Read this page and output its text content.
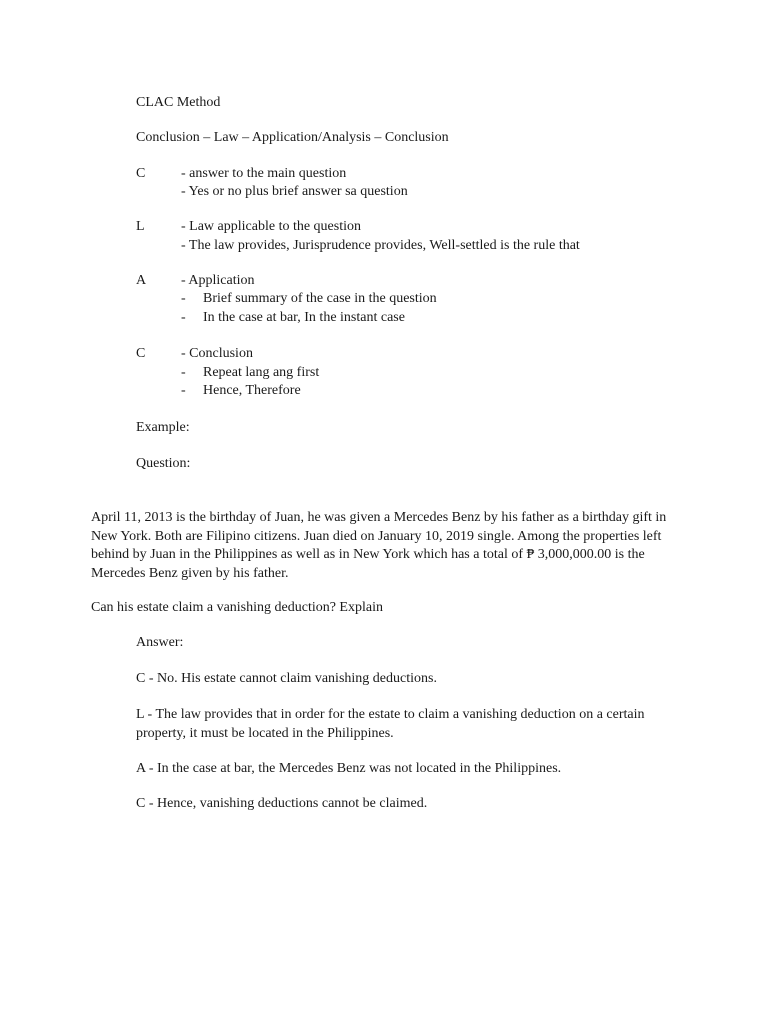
CLAC Method
Conclusion – Law – Application/Analysis – Conclusion
C	- answer to the main question
- Yes or no plus brief answer sa question
L	- Law applicable to the question
- The law provides, Jurisprudence provides, Well-settled is the rule that
A - Application
- Brief summary of the case in the question
- In the case at bar, In the instant case
C	- Conclusion
- Repeat lang ang first
- Hence, Therefore
Example:
Question:
April 11, 2013 is the birthday of Juan, he was given a Mercedes Benz by his father as a birthday gift in New York. Both are Filipino citizens. Juan died on January 10, 2019 single. Among the properties left behind by Juan in the Philippines as well as in New York which has a total of ₱ 3,000,000.00 is the Mercedes Benz given by his father.
Can his estate claim a vanishing deduction? Explain
Answer:
C - No. His estate cannot claim vanishing deductions.
L - The law provides that in order for the estate to claim a vanishing deduction on a certain property, it must be located in the Philippines.
A - In the case at bar, the Mercedes Benz was not located in the Philippines.
C - Hence, vanishing deductions cannot be claimed.
